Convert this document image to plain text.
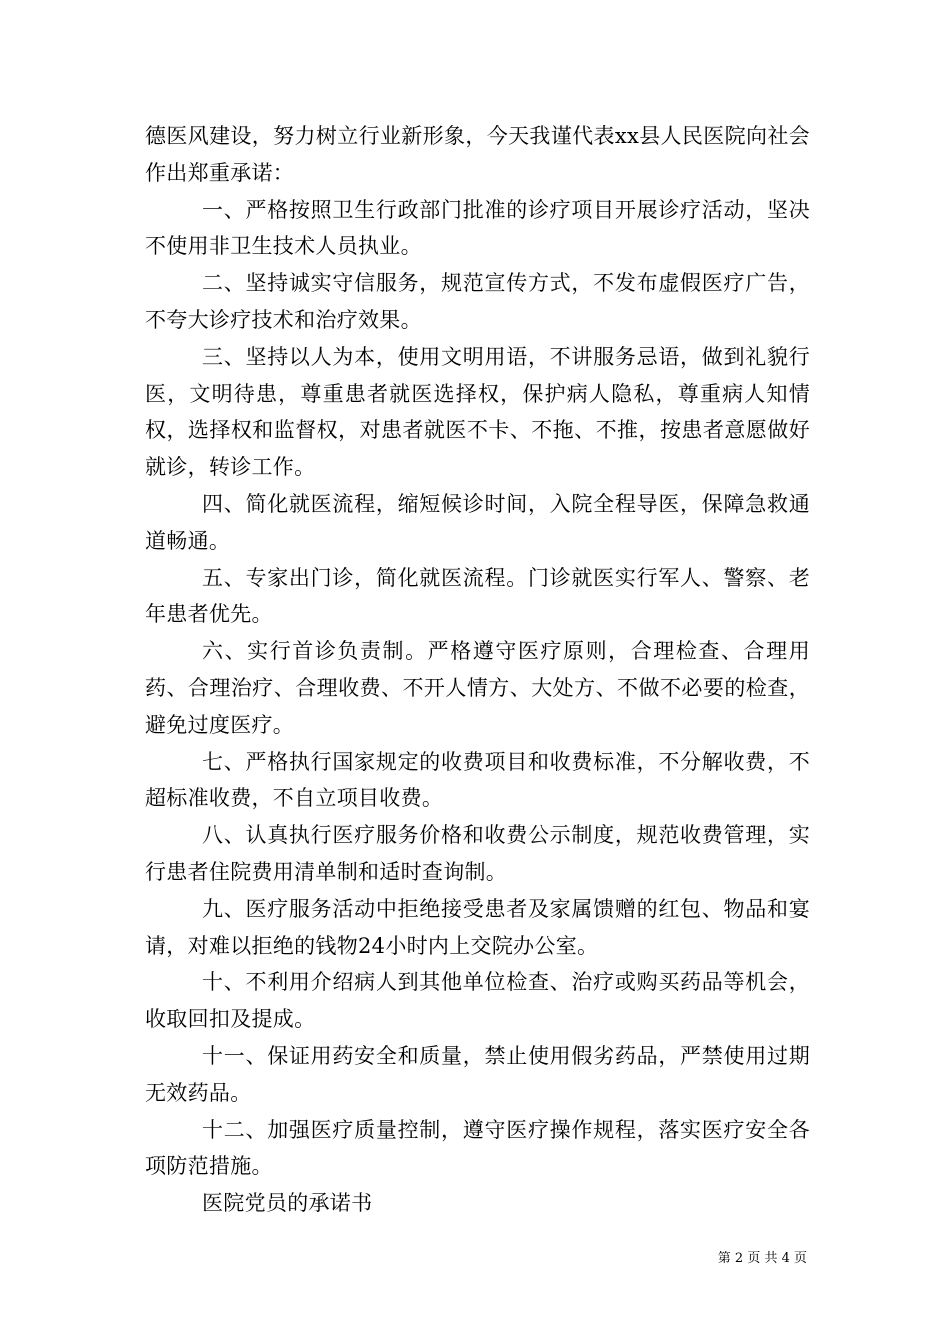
德医风建设，努力树立行业新形象，今天我谨代表xx县人民医院向社会作出郑重承诺：

一、严格按照卫生行政部门批准的诊疗项目开展诊疗活动，坚决不使用非卫生技术人员执业。

二、坚持诚实守信服务，规范宣传方式，不发布虚假医疗广告，不夸大诊疗技术和治疗效果。

三、坚持以人为本，使用文明用语，不讲服务忌语，做到礼貌行医，文明待患，尊重患者就医选择权，保护病人隐私，尊重病人知情权，选择权和监督权，对患者就医不卡、不拖、不推，按患者意愿做好就诊，转诊工作。

四、简化就医流程，缩短候诊时间，入院全程导医，保障急救通道畅通。

五、专家出门诊，简化就医流程。门诊就医实行军人、警察、老年患者优先。

六、实行首诊负责制。严格遵守医疗原则，合理检查、合理用药、合理治疗、合理收费、不开人情方、大处方、不做不必要的检查，避免过度医疗。

七、严格执行国家规定的收费项目和收费标准，不分解收费，不超标准收费，不自立项目收费。

八、认真执行医疗服务价格和收费公示制度，规范收费管理，实行患者住院费用清单制和适时查询制。

九、医疗服务活动中拒绝接受患者及家属馈赠的红包、物品和宴请，对难以拒绝的钱物24小时内上交院办公室。

十、不利用介绍病人到其他单位检查、治疗或购买药品等机会，收取回扣及提成。

十一、保证用药安全和质量，禁止使用假劣药品，严禁使用过期无效药品。

十二、加强医疗质量控制，遵守医疗操作规程，落实医疗安全各项防范措施。

医院党员的承诺书

第 2 页 共 4 页
